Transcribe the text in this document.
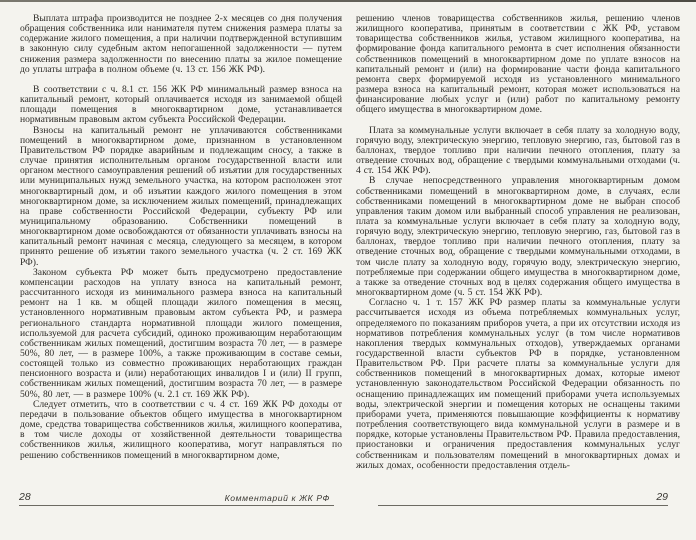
Выплата штрафа производится не позднее 2-х месяцев со дня получения обращения собственника или нанимателя путем снижения размера платы за содержание жилого помещения, а при наличии подтвержденной вступившим в законную силу судебным актом непогашенной задолженности — путем снижения размера задолженности по внесению платы за жилое помещение до уплаты штрафа в полном объеме (ч. 13 ст. 156 ЖК РФ).

В соответствии с ч. 8.1 ст. 156 ЖК РФ минимальный размер взноса на капитальный ремонт, который оплачивается исходя из занимаемой общей площади помещения в многоквартирном доме, устанавливается нормативным правовым актом субъекта Российской Федерации.

Взносы на капитальный ремонт не уплачиваются собственниками помещений в многоквартирном доме, признанном в установленном Правительством РФ порядке аварийным и подлежащим сносу, а также в случае принятия исполнительным органом государственной власти или органом местного самоуправления решений об изъятии для государственных или муниципальных нужд земельного участка, на котором расположен этот многоквартирный дом, и об изъятии каждого жилого помещения в этом многоквартирном доме, за исключением жилых помещений, принадлежащих на праве собственности Российской Федерации, субъекту РФ или муниципальному образованию. Собственники помещений в многоквартирном доме освобождаются от обязанности уплачивать взносы на капитальный ремонт начиная с месяца, следующего за месяцем, в котором принято решение об изъятии такого земельного участка (ч. 2 ст. 169 ЖК РФ).

Законом субъекта РФ может быть предусмотрено предоставление компенсации расходов на уплату взноса на капитальный ремонт, рассчитанного исходя из минимального размера взноса на капитальный ремонт на 1 кв. м общей площади жилого помещения в месяц, установленного нормативным правовым актом субъекта РФ, и размера регионального стандарта нормативной площади жилого помещения, используемой для расчета субсидий, одиноко проживающим неработающим собственникам жилых помещений, достигшим возраста 70 лет, — в размере 50%, 80 лет, — в размере 100%, а также проживающим в составе семьи, состоящей только из совместно проживающих неработающих граждан пенсионного возраста и (или) неработающих инвалидов I и (или) II групп, собственникам жилых помещений, достигшим возраста 70 лет, — в размере 50%, 80 лет, — в размере 100% (ч. 2.1 ст. 169 ЖК РФ).

Следует отметить, что в соответствии с ч. 4 ст. 169 ЖК РФ доходы от передачи в пользование объектов общего имущества в многоквартирном доме, средства товарищества собственников жилья, жилищного кооператива, в том числе доходы от хозяйственной деятельности товарищества собственников жилья, жилищного кооператива, могут направляться по решению собственников помещений в многоквартирном доме,

решению членов товарищества собственников жилья, решению членов жилищного кооператива, принятым в соответствии с ЖК РФ, уставом товарищества собственников жилья, уставом жилищного кооператива, на формирование фонда капитального ремонта в счет исполнения обязанности собственников помещений в многоквартирном доме по уплате взносов на капитальный ремонт и (или) на формирование части фонда капитального ремонта сверх формируемой исходя из установленного минимального размера взноса на капитальный ремонт, которая может использоваться на финансирование любых услуг и (или) работ по капитальному ремонту общего имущества в многоквартирном доме.

Плата за коммунальные услуги включает в себя плату за холодную воду, горячую воду, электрическую энергию, тепловую энергию, газ, бытовой газ в баллонах, твердое топливо при наличии печного отопления, плату за отведение сточных вод, обращение с твердыми коммунальными отходами (ч. 4 ст. 154 ЖК РФ).

В случае непосредственного управления многоквартирным домом собственниками помещений в многоквартирном доме, в случаях, если собственниками помещений в многоквартирном доме не выбран способ управления таким домом или выбранный способ управления не реализован, плата за коммунальные услуги включает в себя плату за холодную воду, горячую воду, электрическую энергию, тепловую энергию, газ, бытовой газ в баллонах, твердое топливо при наличии печного отопления, плату за отведение сточных вод, обращение с твердыми коммунальными отходами, в том числе плату за холодную воду, горячую воду, электрическую энергию, потребляемые при содержании общего имущества в многоквартирном доме, а также за отведение сточных вод в целях содержания общего имущества в многоквартирном доме (ч. 5 ст. 154 ЖК РФ).

Согласно ч. 1 т. 157 ЖК РФ размер платы за коммунальные услуги рассчитывается исходя из объема потребляемых коммунальных услуг, определяемого по показаниям приборов учета, а при их отсутствии исходя из нормативов потребления коммунальных услуг (в том числе нормативов накопления твердых коммунальных отходов), утверждаемых органами государственной власти субъектов РФ в порядке, установленном Правительством РФ. При расчете платы за коммунальные услуги для собственников помещений в многоквартирных домах, которые имеют установленную законодательством Российской Федерации обязанность по оснащению принадлежащих им помещений приборами учета используемых воды, электрической энергии и помещения которых не оснащены такими приборами учета, применяются повышающие коэффициенты к нормативу потребления соответствующего вида коммунальной услуги в размере и в порядке, которые установлены Правительством РФ. Правила предоставления, приостановки и ограничения предоставления коммунальных услуг собственникам и пользователям помещений в многоквартирных домах и жилых домах, особенности предоставления отдель-

28	Комментарий к ЖК РФ	29
